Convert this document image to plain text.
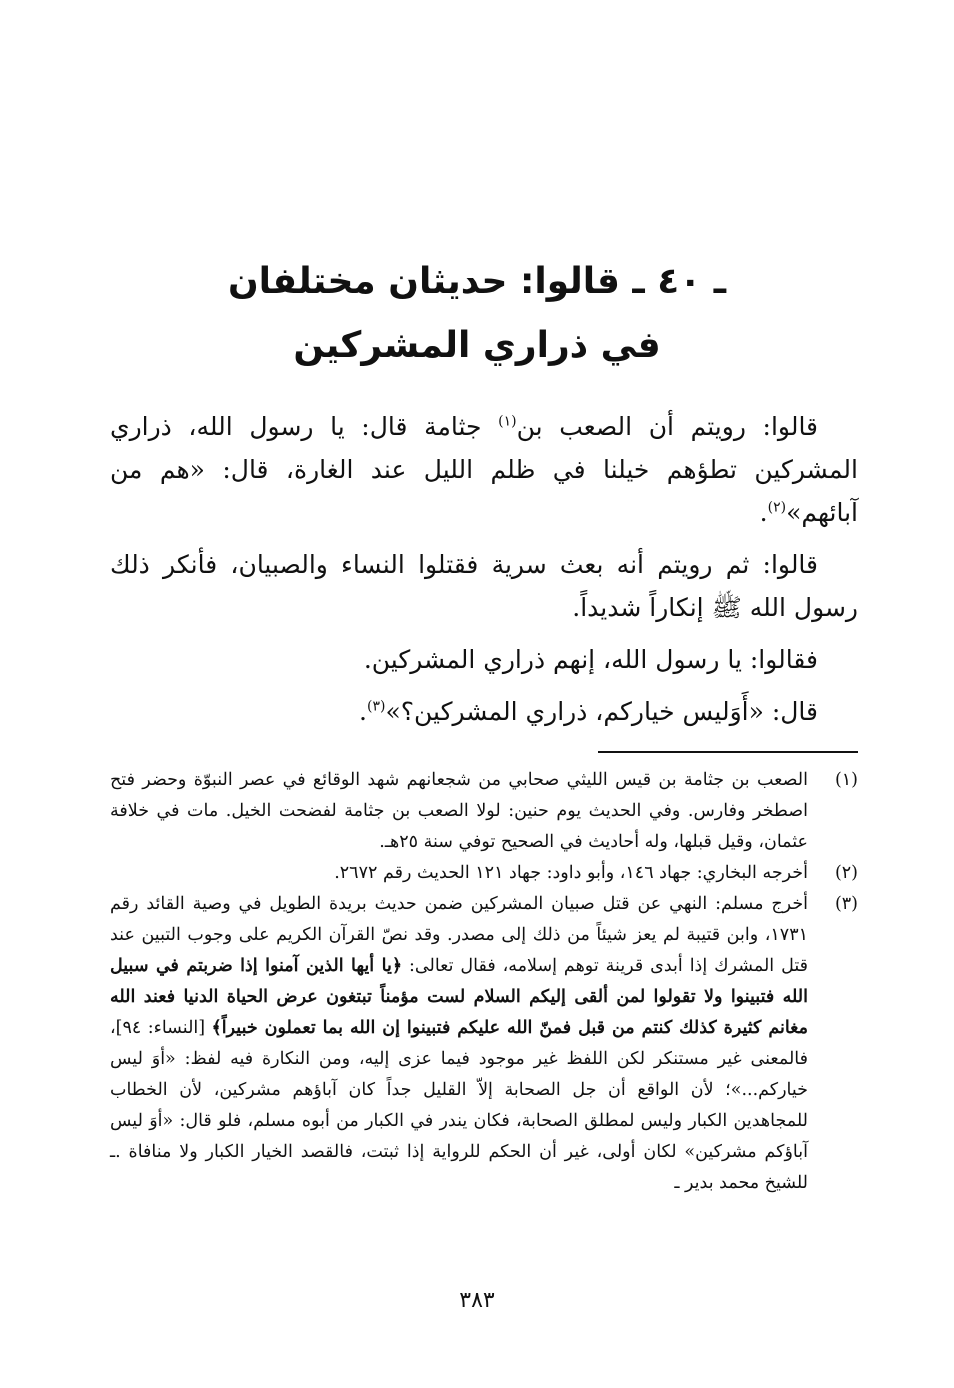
ـ ٤٠ ـ قالوا: حديثان مختلفان
في ذراري المشركين

قالوا: رويتم أن الصعب بن$^{(١)}$ جثامة قال: يا رسول الله، ذراري المشركين تطؤهم خيلنا في ظلم الليل عند الغارة، قال: «هم من آبائهم»$^{(٢)}$.

قالوا: ثم رويتم أنه بعث سرية فقتلوا النساء والصبيان، فأنكر ذلك رسول الله ﷺ إنكاراً شديداً.

فقالوا: يا رسول الله، إنهم ذراري المشركين.

قال: «أَوَليس خياركم، ذراري المشركين؟»$^{(٣)}$.

(١)
الصعب بن جثامة بن قيس الليثي صحابي من شجعانهم شهد الوقائع في عصر النبوّة وحضر فتح اصطخر وفارس. وفي الحديث يوم حنين: لولا الصعب بن جثامة لفضحت الخيل. مات في خلافة عثمان، وقيل قبلها، وله أحاديث في الصحيح توفي سنة ٢٥هـ.
(٢)
أخرجه البخاري: جهاد ١٤٦، وأبو داود: جهاد ١٢١ الحديث رقم ٢٦٧٢.
(٣)
أخرج مسلم: النهي عن قتل صبيان المشركين ضمن حديث بريدة الطويل في وصية القائد رقم ١٧٣١، وابن قتيبة لم يعز شيئاً من ذلك إلى مصدر. وقد نصّ القرآن الكريم على وجوب التبين عند قتل المشرك إذا أبدى قرينة توهم إسلامه، فقال تعالى: ﴿يا أيها الذين آمنوا إذا ضربتم في سبيل الله فتبينوا ولا تقولوا لمن ألقى إليكم السلام لست مؤمناً تبتغون عرض الحياة الدنيا فعند الله مغانم كثيرة كذلك كنتم من قبل فمنّ الله عليكم فتبينوا إن الله بما تعملون خبيراً﴾ [النساء: ٩٤]، فالمعنى غير مستنكر لكن اللفظ غير موجود فيما عزى إليه، ومن النكارة فيه لفظ: «أوَ ليس خياركم...»؛ لأن الواقع أن جل الصحابة إلاّ القليل جداً كان آباؤهم مشركين، لأن الخطاب للمجاهدين الكبار وليس لمطلق الصحابة، فكان يندر في الكبار من أبوه مسلم، فلو قال: «أوَ ليس آباؤكم مشركين» لكان أولى، غير أن الحكم للرواية إذا ثبتت، فالقصد الخيار الكبار ولا منافاة .ـ للشيخ محمد بدير ـ
٣٨٣
